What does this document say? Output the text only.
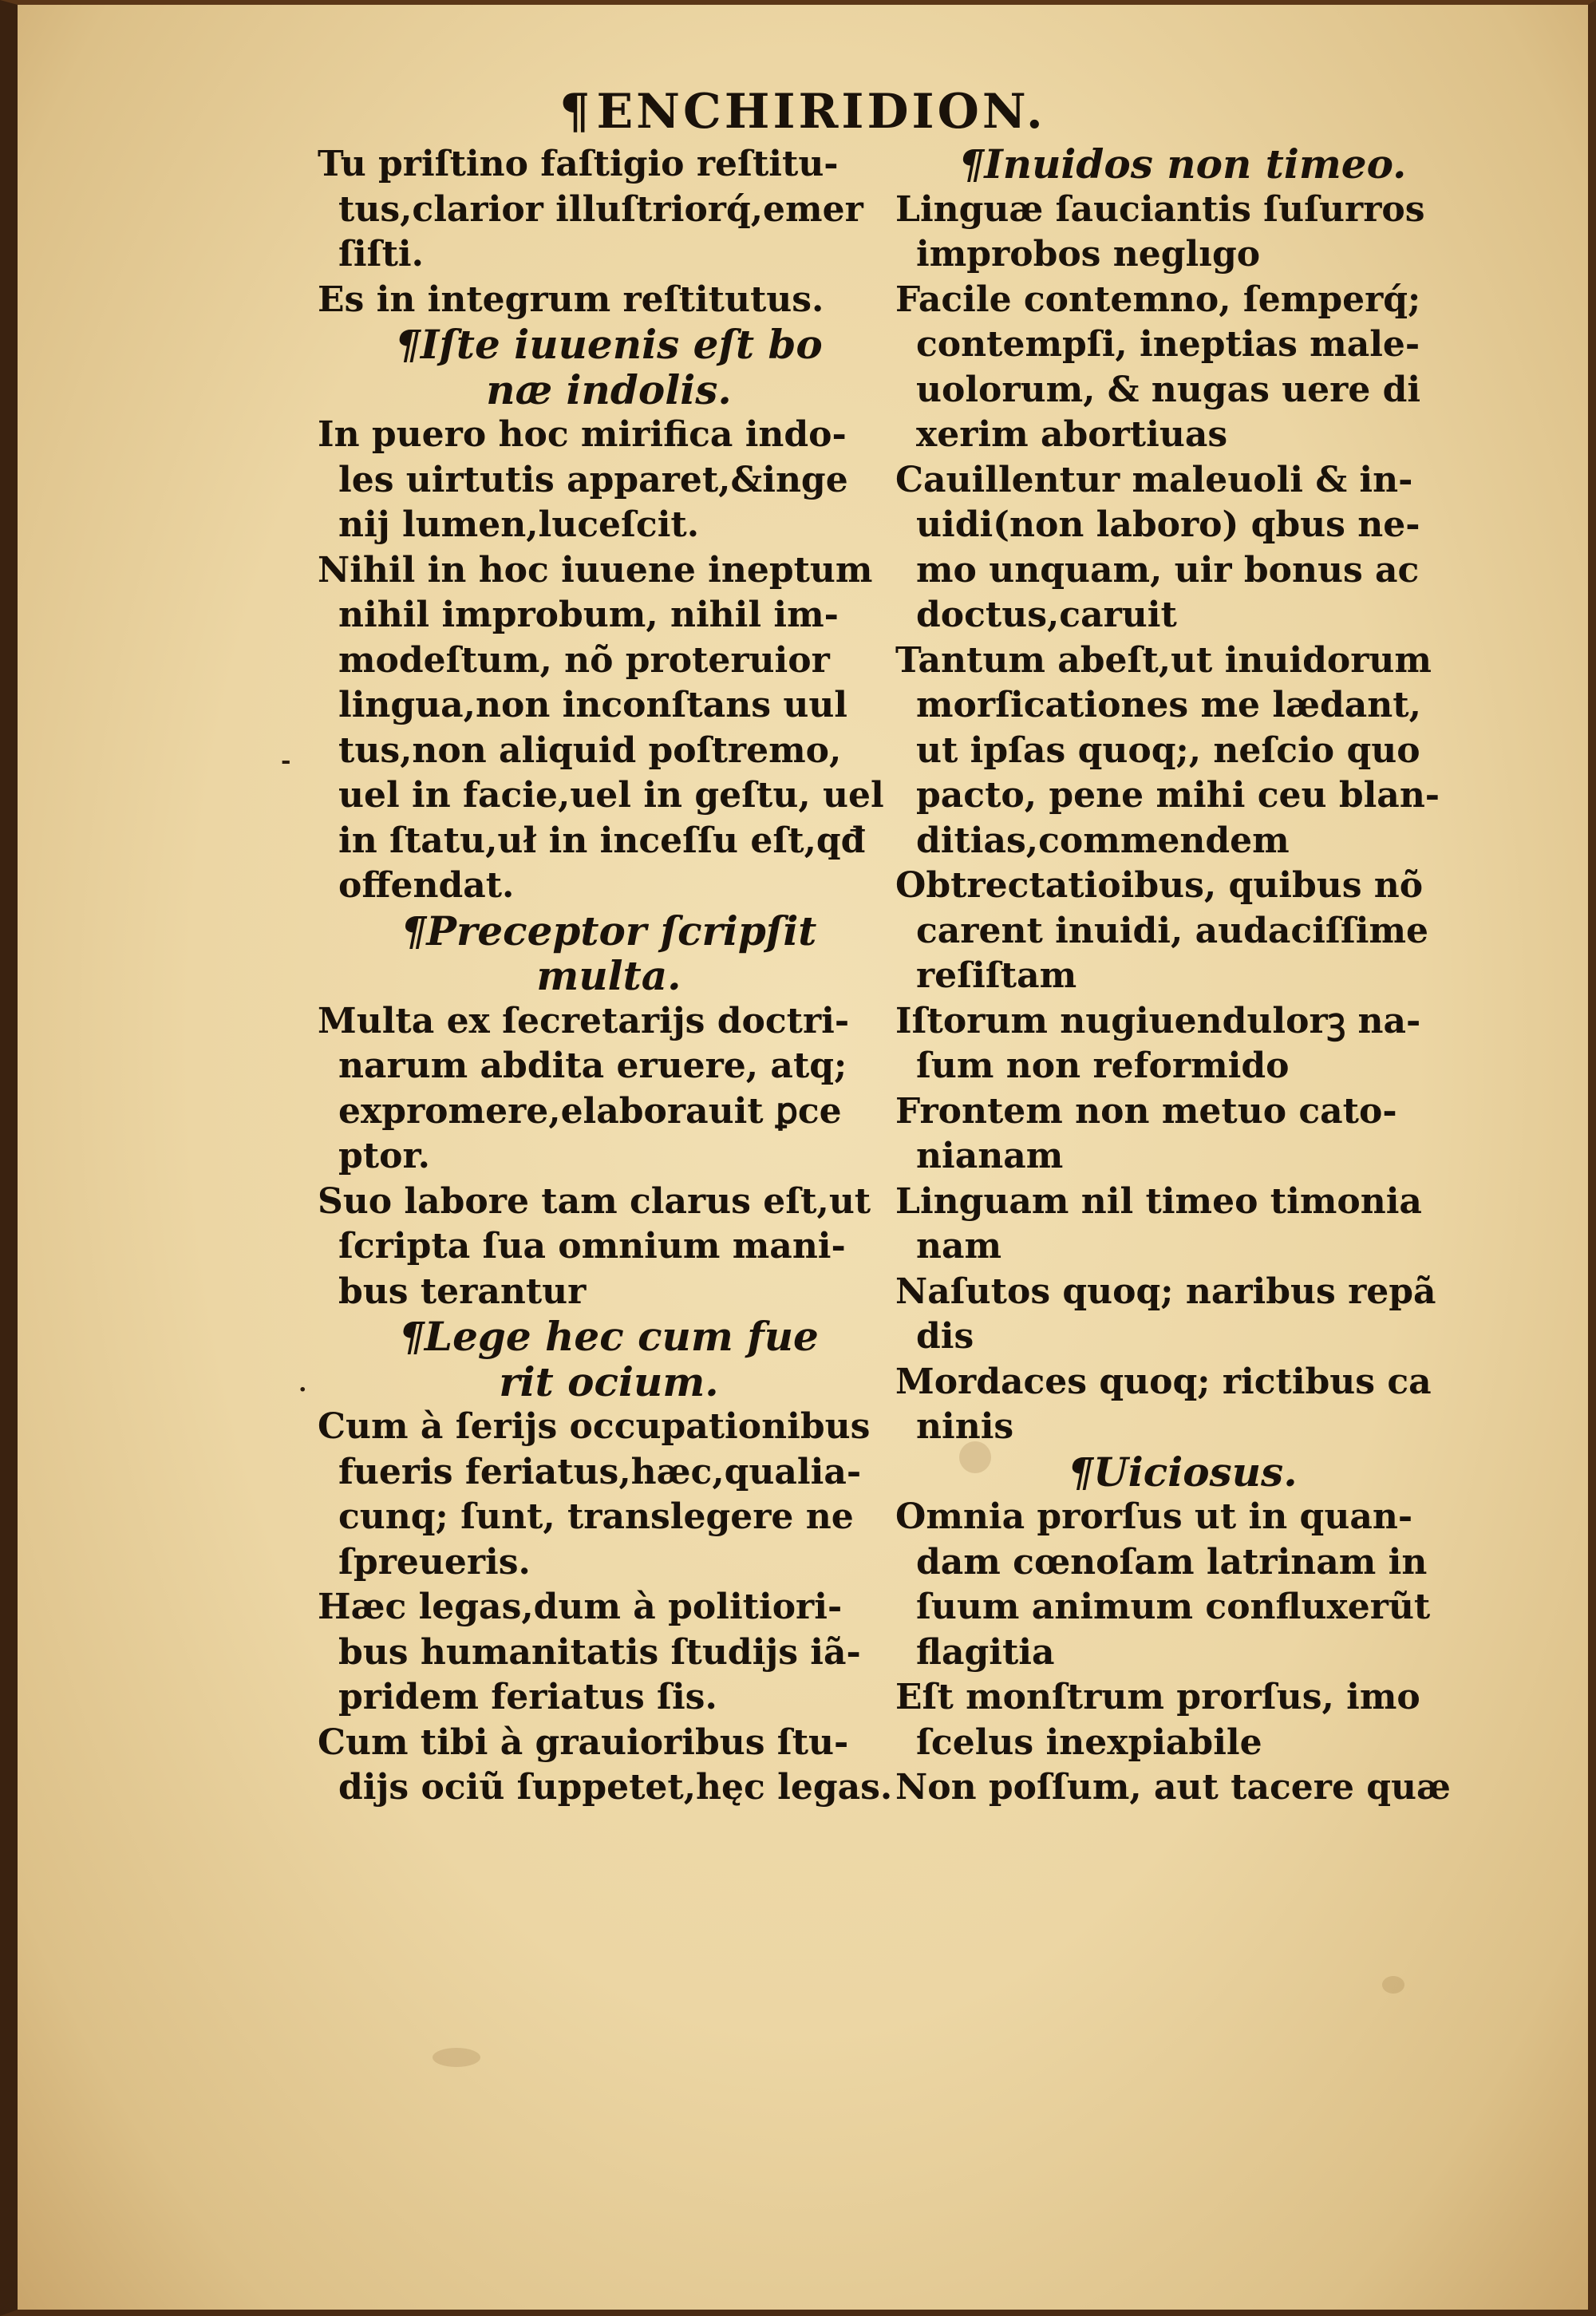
¶ENCHIRIDION.
Tu priſtino faſtigio reſtitu-
tus,clarior illuſtriorq́,emer
ſiſti.
Es in integrum reſtitutus.
¶Iſte iuuenis eſt bo
næ indolis.
In puero hoc mirifica indo-
les uirtutis apparet,&inge
nij lumen,luceſcit.
Nihil in hoc iuuene ineptum
nihil improbum, nihil im-
modeſtum, nõ proteruior
lingua,non inconſtans uul
tus,non aliquid poſtremo,
uel in facie,uel in geſtu, uel
in ſtatu,uł in inceſſu eſt,qđ
offendat.
¶Preceptor ſcripſit
multa.
Multa ex ſecretarijs doctri-
narum abdita eruere, atq;
expromere,elaborauit ꝑce
ptor.
Suo labore tam clarus eſt,ut
ſcripta ſua omnium mani-
bus terantur
¶Lege hec cum fue
rit ocium.
Cum à ſerijs occupationibus
fueris feriatus,hæc,qualia-
cunq; ſunt, translegere ne
ſpreueris.
Hæc legas,dum à politiori-
bus humanitatis ſtudijs iã-
pridem feriatus ſis.
Cum tibi à grauioribus ſtu-
dijs ociũ ſuppetet,hęc legas.
¶Inuidos non timeo.
Linguæ ſauciantis ſuſurros
improbos neglıgo
Facile contemno, ſemperq́;
contempſi, ineptias male-
uolorum, & nugas uere di
xerim abortiuas
Cauillentur maleuoli & in-
uidi(non laboro) qbus ne-
mo unquam, uir bonus ac
doctus,caruit
Tantum abeſt,ut inuidorum
morſicationes me lædant,
ut ipſas quoq;, neſcio quo
pacto, pene mihi ceu blan-
ditias,commendem
Obtrectatioibus, quibus nõ
carent inuidi, audaciſſime
reſiſtam
Iſtorum nugiuendulorꝫ na-
ſum non reformido
Frontem non metuo cato-
nianam
Linguam nil timeo timonia
nam
Naſutos quoq; naribus repã
dis
Mordaces quoq; rictibus ca
ninis
¶Uiciosus.
Omnia prorſus ut in quan-
dam cœnoſam latrinam in
ſuum animum confluxerũt
flagitia
Eſt monſtrum prorſus, imo
ſcelus inexpiabile
Non poſſum, aut tacere quæ
-
·
